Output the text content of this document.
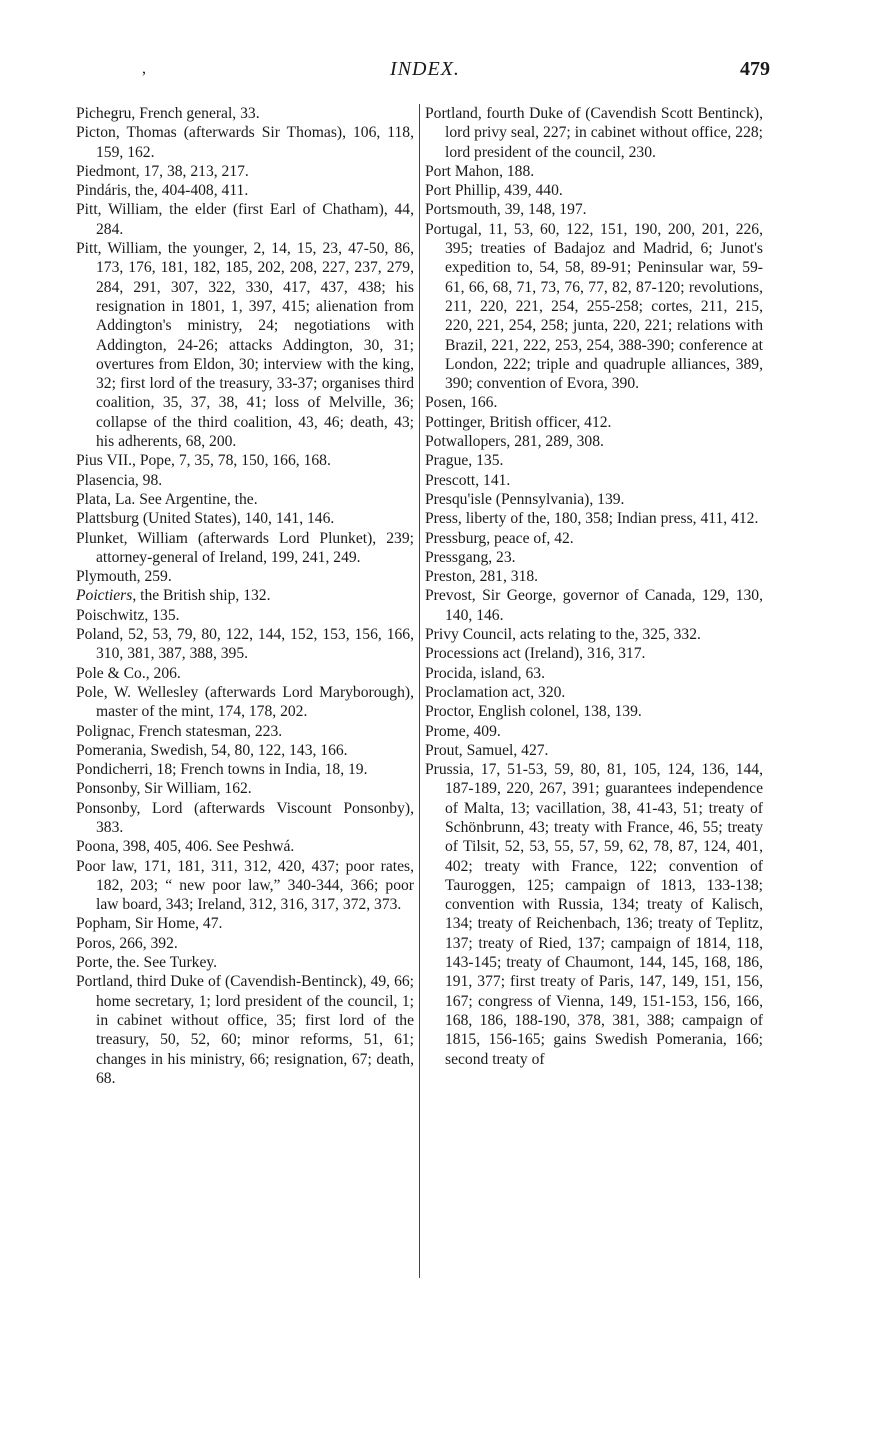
,	INDEX.	479

Pichegru, French general, 33.

Picton, Thomas (afterwards Sir Thomas), 106, 118, 159, 162.

Piedmont, 17, 38, 213, 217.

Pindáris, the, 404-408, 411.

Pitt, William, the elder (first Earl of Chatham), 44, 284.

Pitt, William, the younger, 2, 14, 15, 23, 47-50, 86, 173, 176, 181, 182, 185, 202, 208, 227, 237, 279, 284, 291, 307, 322, 330, 417, 437, 438; his resignation in 1801, 1, 397, 415; alienation from Addington's ministry, 24; negotiations with Addington, 24-26; attacks Addington, 30, 31; overtures from Eldon, 30; interview with the king, 32; first lord of the treasury, 33-37; organises third coalition, 35, 37, 38, 41; loss of Melville, 36; collapse of the third coalition, 43, 46; death, 43; his adherents, 68, 200.

Pius VII., Pope, 7, 35, 78, 150, 166, 168.

Plasencia, 98.

Plata, La. See Argentine, the.

Plattsburg (United States), 140, 141, 146.

Plunket, William (afterwards Lord Plunket), 239; attorney-general of Ireland, 199, 241, 249.

Plymouth, 259.

Poictiers, the British ship, 132.

Poischwitz, 135.

Poland, 52, 53, 79, 80, 122, 144, 152, 153, 156, 166, 310, 381, 387, 388, 395.

Pole & Co., 206.

Pole, W. Wellesley (afterwards Lord Maryborough), master of the mint, 174, 178, 202.

Polignac, French statesman, 223.

Pomerania, Swedish, 54, 80, 122, 143, 166.

Pondicherri, 18; French towns in India, 18, 19.

Ponsonby, Sir William, 162.

Ponsonby, Lord (afterwards Viscount Ponsonby), 383.

Poona, 398, 405, 406. See Peshwá.

Poor law, 171, 181, 311, 312, 420, 437; poor rates, 182, 203; “ new poor law,” 340-344, 366; poor law board, 343; Ireland, 312, 316, 317, 372, 373.

Popham, Sir Home, 47.

Poros, 266, 392.

Porte, the. See Turkey.

Portland, third Duke of (Cavendish-Bentinck), 49, 66; home secretary, 1; lord president of the council, 1; in cabinet without office, 35; first lord of the treasury, 50, 52, 60; minor reforms, 51, 61; changes in his ministry, 66; resignation, 67; death, 68.

Portland, fourth Duke of (Cavendish Scott Bentinck), lord privy seal, 227; in cabinet without office, 228; lord president of the council, 230.

Port Mahon, 188.

Port Phillip, 439, 440.

Portsmouth, 39, 148, 197.

Portugal, 11, 53, 60, 122, 151, 190, 200, 201, 226, 395; treaties of Badajoz and Madrid, 6; Junot's expedition to, 54, 58, 89-91; Peninsular war, 59-61, 66, 68, 71, 73, 76, 77, 82, 87-120; revolutions, 211, 220, 221, 254, 255-258; cortes, 211, 215, 220, 221, 254, 258; junta, 220, 221; relations with Brazil, 221, 222, 253, 254, 388-390; conference at London, 222; triple and quadruple alliances, 389, 390; convention of Evora, 390.

Posen, 166.

Pottinger, British officer, 412.

Potwallopers, 281, 289, 308.

Prague, 135.

Prescott, 141.

Presqu'isle (Pennsylvania), 139.

Press, liberty of the, 180, 358; Indian press, 411, 412.

Pressburg, peace of, 42.

Pressgang, 23.

Preston, 281, 318.

Prevost, Sir George, governor of Canada, 129, 130, 140, 146.

Privy Council, acts relating to the, 325, 332.

Processions act (Ireland), 316, 317.

Procida, island, 63.

Proclamation act, 320.

Proctor, English colonel, 138, 139.

Prome, 409.

Prout, Samuel, 427.

Prussia, 17, 51-53, 59, 80, 81, 105, 124, 136, 144, 187-189, 220, 267, 391; guarantees independence of Malta, 13; vacillation, 38, 41-43, 51; treaty of Schönbrunn, 43; treaty with France, 46, 55; treaty of Tilsit, 52, 53, 55, 57, 59, 62, 78, 87, 124, 401, 402; treaty with France, 122; convention of Tauroggen, 125; campaign of 1813, 133-138; convention with Russia, 134; treaty of Kalisch, 134; treaty of Reichenbach, 136; treaty of Teplitz, 137; treaty of Ried, 137; campaign of 1814, 118, 143-145; treaty of Chaumont, 144, 145, 168, 186, 191, 377; first treaty of Paris, 147, 149, 151, 156, 167; congress of Vienna, 149, 151-153, 156, 166, 168, 186, 188-190, 378, 381, 388; campaign of 1815, 156-165; gains Swedish Pomerania, 166; second treaty of
